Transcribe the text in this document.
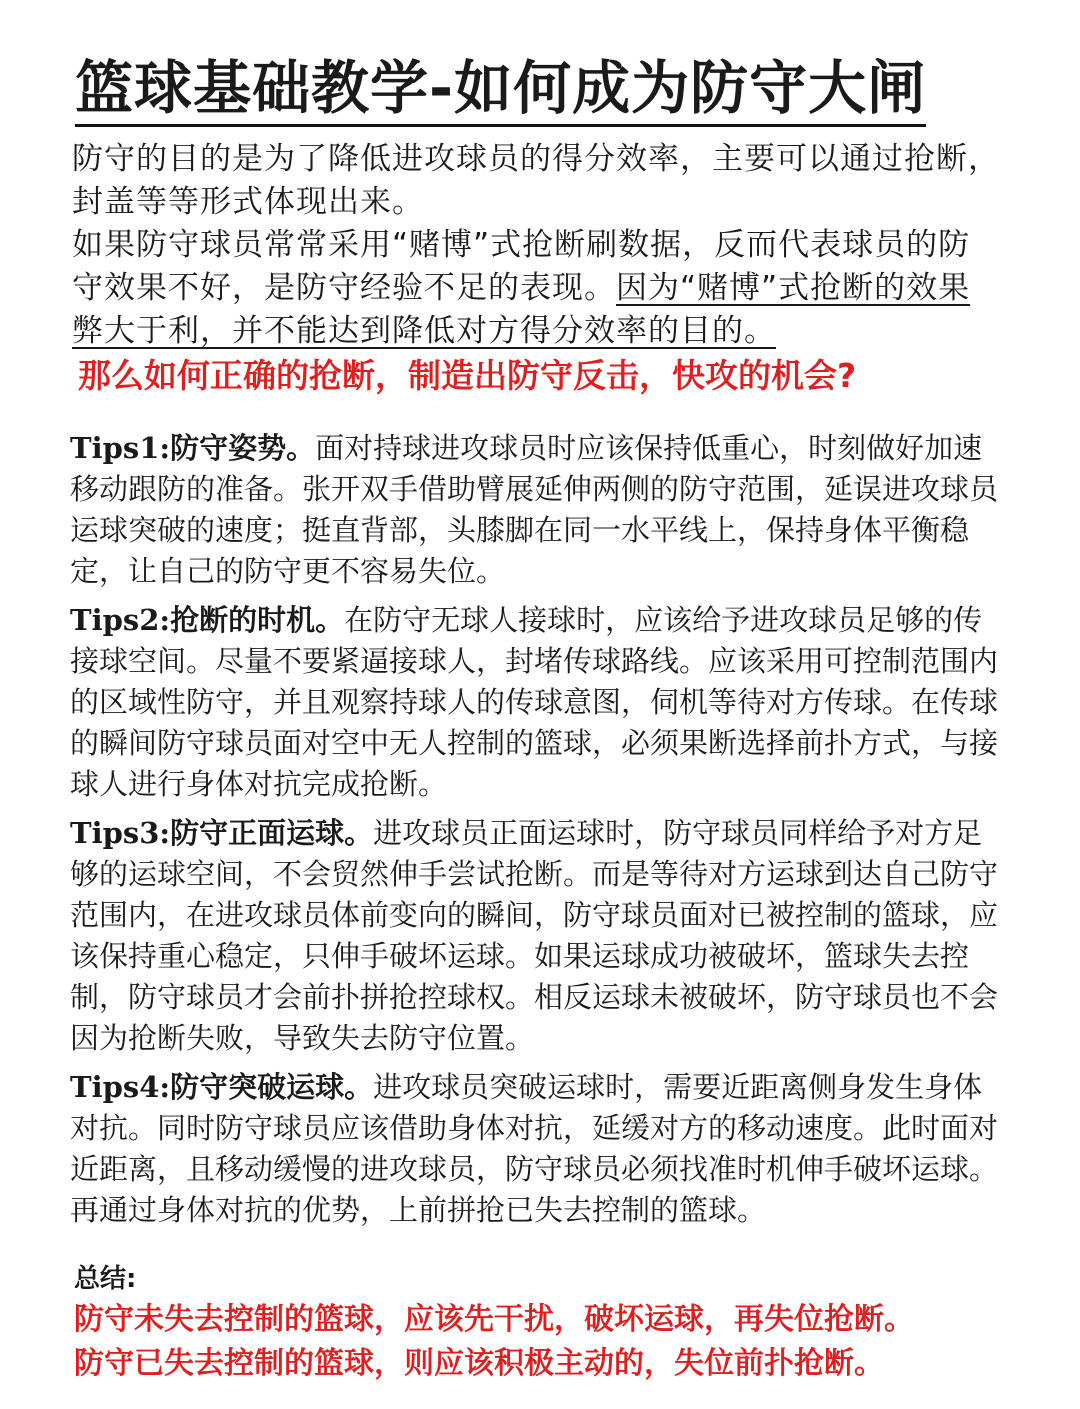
篮球基础教学-如何成为防守大闸

防守的目的是为了降低进攻球员的得分效率，主要可以通过抢断，封盖等等形式体现出来。

如果防守球员常常采用“赌博”式抢断刷数据，反而代表球员的防守效果不好，是防守经验不足的表现。因为“赌博”式抢断的效果弊大于利，并不能达到降低对方得分效率的目的。

那么如何正确的抢断，制造出防守反击，快攻的机会?

Tips1:防守姿势。面对持球进攻球员时应该保持低重心，时刻做好加速移动跟防的准备。张开双手借助臂展延伸两侧的防守范围，延误进攻球员运球突破的速度；挺直背部，头膝脚在同一水平线上，保持身体平衡稳定，让自己的防守更不容易失位。

Tips2:抢断的时机。在防守无球人接球时，应该给予进攻球员足够的传接球空间。尽量不要紧逼接球人，封堵传球路线。应该采用可控制范围内的区域性防守，并且观察持球人的传球意图，伺机等待对方传球。在传球的瞬间防守球员面对空中无人控制的篮球，必须果断选择前扑方式，与接球人进行身体对抗完成抢断。

Tips3:防守正面运球。进攻球员正面运球时，防守球员同样给予对方足够的运球空间，不会贸然伸手尝试抢断。而是等待对方运球到达自己防守范围内，在进攻球员体前变向的瞬间，防守球员面对已被控制的篮球，应该保持重心稳定，只伸手破坏运球。如果运球成功被破坏，篮球失去控制，防守球员才会前扑拼抢控球权。相反运球未被破坏，防守球员也不会因为抢断失败，导致失去防守位置。

Tips4:防守突破运球。进攻球员突破运球时，需要近距离侧身发生身体对抗。同时防守球员应该借助身体对抗，延缓对方的移动速度。此时面对近距离，且移动缓慢的进攻球员，防守球员必须找准时机伸手破坏运球。再通过身体对抗的优势，上前拼抢已失去控制的篮球。

总结:
防守未失去控制的篮球，应该先干扰，破坏运球，再失位抢断。
防守已失去控制的篮球，则应该积极主动的，失位前扑抢断。
